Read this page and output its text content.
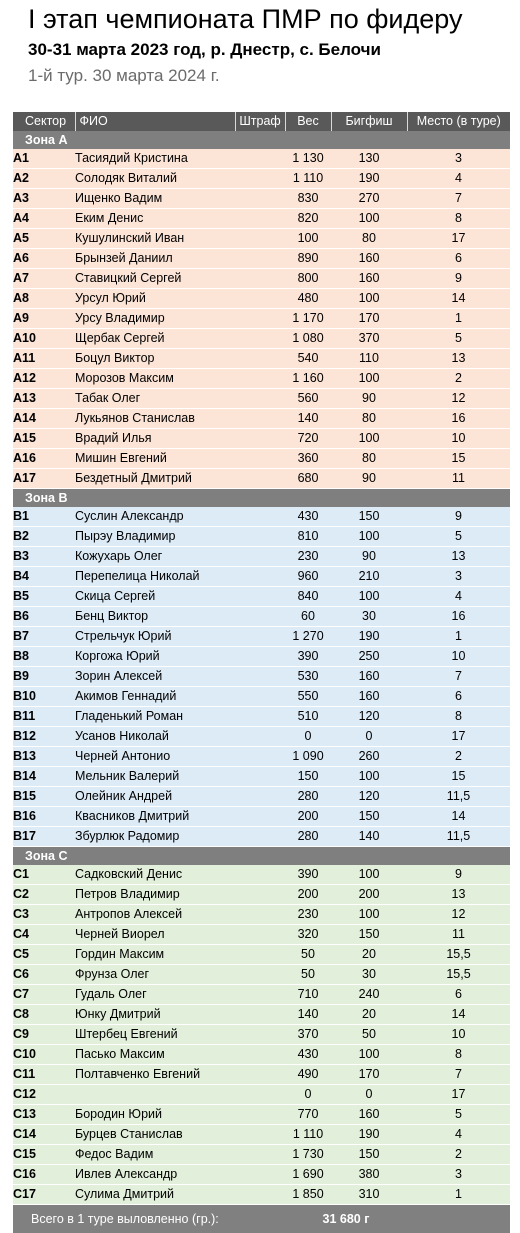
I этап чемпионата ПМР по фидеру
30-31 марта 2023 год, р. Днестр, с. Белочи
1-й тур. 30 марта 2024 г.
Сектор	ФИО	Штраф	Вес	Бигфиш	Место (в туре)
Зона А					
A1	Тасиядий Кристина		1 130	130	3
A2	Солодяк Виталий		1 110	190	4
A3	Ищенко Вадим		830	270	7
A4	Еким Денис		820	100	8
A5	Кушулинский Иван		100	80	17
A6	Брынзей Даниил		890	160	6
A7	Ставицкий Сергей		800	160	9
A8	Урсул Юрий		480	100	14
A9	Урсу Владимир		1 170	170	1
A10	Щербак Сергей		1 080	370	5
A11	Боцул Виктор		540	110	13
A12	Морозов Максим		1 160	100	2
A13	Табак Олег		560	90	12
A14	Лукьянов Станислав		140	80	16
A15	Врадий Илья		720	100	10
A16	Мишин Евгений		360	80	15
A17	Бездетный Дмитрий		680	90	11
Зона В					
B1	Суслин Александр		430	150	9
B2	Пырэу Владимир		810	100	5
B3	Кожухарь Олег		230	90	13
B4	Перепелица Николай		960	210	3
B5	Скица Сергей		840	100	4
B6	Бенц Виктор		60	30	16
B7	Стрельчук Юрий		1 270	190	1
B8	Коргожа Юрий		390	250	10
B9	Зорин Алексей		530	160	7
B10	Акимов Геннадий		550	160	6
B11	Гладенький Роман		510	120	8
B12	Усанов Николай		0	0	17
B13	Черней Антонио		1 090	260	2
B14	Мельник Валерий		150	100	15
B15	Олейник Андрей		280	120	11,5
B16	Квасников Дмитрий		200	150	14
B17	Збурлюк Радомир		280	140	11,5
Зона С					
C1	Садковский Денис		390	100	9
C2	Петров Владимир		200	200	13
C3	Антропов Алексей		230	100	12
C4	Черней Виорел		320	150	11
C5	Гордин Максим		50	20	15,5
C6	Фрунза Олег		50	30	15,5
C7	Гудаль Олег		710	240	6
C8	Юнку Дмитрий		140	20	14
C9	Штербец Евгений		370	50	10
C10	Пасько Максим		430	100	8
C11	Полтавченко Евгений		490	170	7
C12			0	0	17
C13	Бородин Юрий		770	160	5
C14	Бурцев Станислав		1 110	190	4
C15	Федос Вадим		1 730	150	2
C16	Ивлев Александр		1 690	380	3
C17	Сулима Дмитрий		1 850	310	1
Всего в 1 туре выловленно (гр.):			31 680 г		
